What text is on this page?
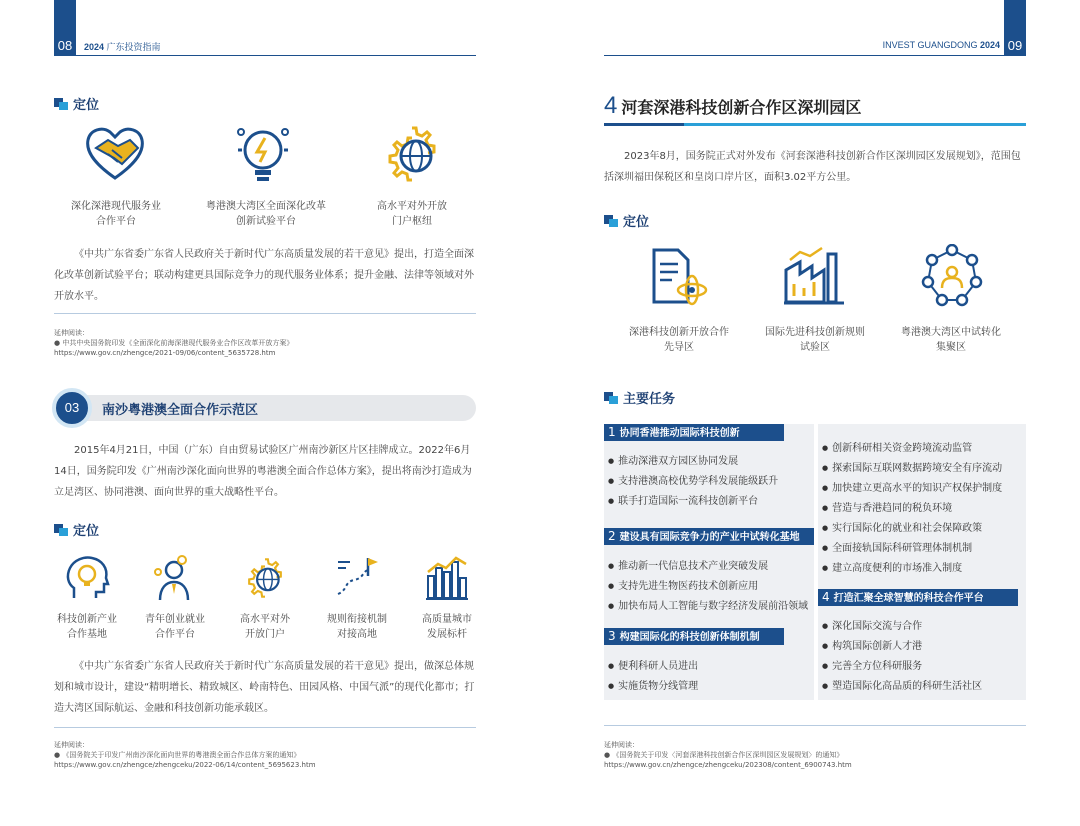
08	2024 广东投资指南	INVEST GUANGDONG 2024 09
定位
深化深港现代服务业
合作平台
粤港澳大湾区全面深化改革
创新试验平台
高水平对外开放
门户枢纽
《中共广东省委广东省人民政府关于新时代广东高质量发展的若干意见》提出，打造全面深化改革创新试验平台；联动构建更具国际竞争力的现代服务业体系；提升金融、法律等领域对外开放水平。
延伸阅读：
● 中共中央国务院印发《全面深化前海深港现代服务业合作区改革开放方案》
https://www.gov.cn/zhengce/2021-09/06/content_5635728.htm
03	南沙粤港澳全面合作示范区
2015年4月21日，中国（广东）自由贸易试验区广州南沙新区片区挂牌成立。2022年6月14日，国务院印发《广州南沙深化面向世界的粤港澳全面合作总体方案》，提出将南沙打造成为立足湾区、协同港澳、面向世界的重大战略性平台。
定位
科技创新产业
合作基地
青年创业就业
合作平台
高水平对外
开放门户
规则衔接机制
对接高地
高质量城市
发展标杆
《中共广东省委广东省人民政府关于新时代广东高质量发展的若干意见》提出，做深总体规划和城市设计，建设“精明增长、精致城区、岭南特色、田园风格、中国气派”的现代化都市；打造大湾区国际航运、金融和科技创新功能承载区。
延伸阅读：
● 《国务院关于印发广州南沙深化面向世界的粤港澳全面合作总体方案的通知》
https://www.gov.cn/zhengce/zhengceku/2022-06/14/content_5695623.htm
4 河套深港科技创新合作区深圳园区
2023年8月，国务院正式对外发布《河套深港科技创新合作区深圳园区发展规划》，范围包括深圳福田保税区和皇岗口岸片区，面积3.02平方公里。
定位
深港科技创新开放合作
先导区
国际先进科技创新规则
试验区
粤港澳大湾区中试转化
集聚区
主要任务
1 协同香港推动国际科技创新
● 推动深港双方园区协同发展
● 支持港澳高校优势学科发展能级跃升
● 联手打造国际一流科技创新平台
2 建设具有国际竞争力的产业中试转化基地
● 推动新一代信息技术产业突破发展
● 支持先进生物医药技术创新应用
● 加快布局人工智能与数字经济发展前沿领域
3 构建国际化的科技创新体制机制
● 便利科研人员进出
● 实施货物分线管理
● 创新科研相关资金跨境流动监管
● 探索国际互联网数据跨境安全有序流动
● 加快建立更高水平的知识产权保护制度
● 营造与香港趋同的税负环境
● 实行国际化的就业和社会保障政策
● 全面接轨国际科研管理体制机制
● 建立高度便利的市场准入制度
4 打造汇聚全球智慧的科技合作平台
● 深化国际交流与合作
● 构筑国际创新人才港
● 完善全方位科研服务
● 塑造国际化高品质的科研生活社区
延伸阅读：
● 《国务院关于印发〈河套深港科技创新合作区深圳园区发展规划〉的通知》
https://www.gov.cn/zhengce/zhengceku/202308/content_6900743.htm
